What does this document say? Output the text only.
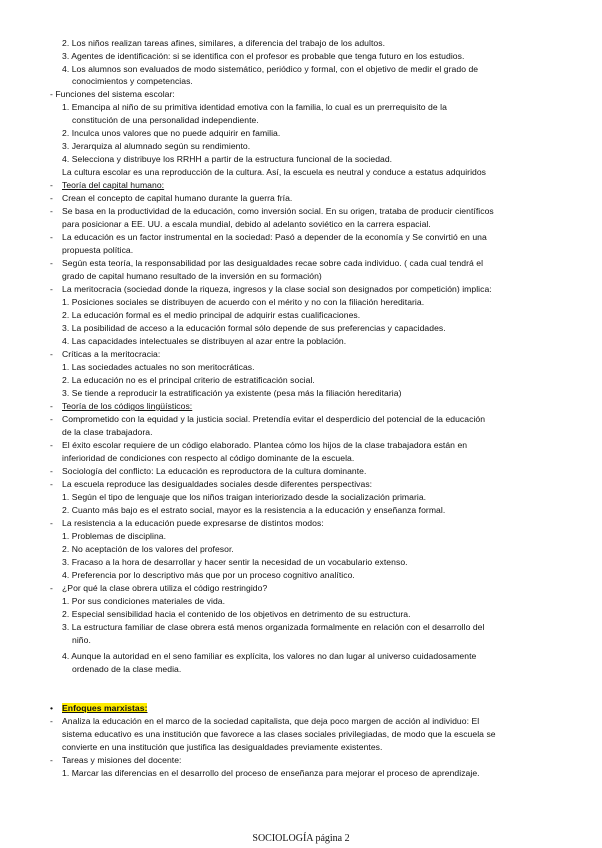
2. Los niños realizan tareas afines, similares, a diferencia del trabajo de los adultos.
3. Agentes de identificación: si se identifica con el profesor es probable que tenga futuro en los estudios.
4. Los alumnos son evaluados de modo sistemático, periódico y formal, con el objetivo de medir el grado de
conocimientos y competencias.
- Funciones del sistema escolar:
1. Emancipa al niño de su primitiva identidad emotiva con la familia, lo cual es un prerrequisito de la
constitución de una personalidad independiente.
2. Inculca unos valores que no puede adquirir en familia.
3. Jerarquiza al alumnado según su rendimiento.
4. Selecciona y distribuye los RRHH a partir de la estructura funcional de la sociedad.
La cultura escolar es una reproducción de la cultura. Así, la escuela es neutral y conduce a estatus adquiridos
- Teoría del capital humano:
- Crean el concepto de capital humano durante la guerra fría.
- Se basa en la productividad de la educación, como inversión social. En su origen, trataba de producir científicos
para posicionar a EE. UU. a escala mundial, debido al adelanto soviético en la carrera espacial.
- La educación es un factor instrumental en la sociedad: Pasó a depender de la economía y Se convirtió en una
propuesta política.
- Según esta teoría, la responsabilidad por las desigualdades recae sobre cada individuo. ( cada cual tendrá el
grado de capital humano resultado de la inversión en su formación)
- La meritocracia (sociedad donde la riqueza, ingresos y la clase social son designados por competición) implica:
1. Posiciones sociales se distribuyen de acuerdo con el mérito y no con la filiación hereditaria.
2. La educación formal es el medio principal de adquirir estas cualificaciones.
3. La posibilidad de acceso a la educación formal sólo depende de sus preferencias y capacidades.
4. Las capacidades intelectuales se distribuyen al azar entre la población.
- Críticas a la meritocracia:
1. Las sociedades actuales no son meritocráticas.
2. La educación no es el principal criterio de estratificación social.
3. Se tiende a reproducir la estratificación ya existente (pesa más la filiación hereditaria)
- Teoría de los códigos lingüísticos:
- Comprometido con la equidad y la justicia social. Pretendía evitar el desperdicio del potencial de la educación
de la clase trabajadora.
- El éxito escolar requiere de un código elaborado. Plantea cómo los hijos de la clase trabajadora están en
inferioridad de condiciones con respecto al código dominante de la escuela.
- Sociología del conflicto: La educación es reproductora de la cultura dominante.
- La escuela reproduce las desigualdades sociales desde diferentes perspectivas:
1. Según el tipo de lenguaje que los niños traigan interiorizado desde la socialización primaria.
2. Cuanto más bajo es el estrato social, mayor es la resistencia a la educación y enseñanza formal.
- La resistencia a la educación puede expresarse de distintos modos:
1. Problemas de disciplina.
2. No aceptación de los valores del profesor.
3. Fracaso a la hora de desarrollar y hacer sentir la necesidad de un vocabulario extenso.
4. Preferencia por lo descriptivo más que por un proceso cognitivo analítico.
- ¿Por qué la clase obrera utiliza el código restringido?
1. Por sus condiciones materiales de vida.
2. Especial sensibilidad hacia el contenido de los objetivos en detrimento de su estructura.
3. La estructura familiar de clase obrera está menos organizada formalmente en relación con el desarrollo del
niño.
4. Aunque la autoridad en el seno familiar es explícita, los valores no dan lugar al universo cuidadosamente
ordenado de la clase media.
• Enfoques marxistas:
- Analiza la educación en el marco de la sociedad capitalista, que deja poco margen de acción al individuo: El
sistema educativo es una institución que favorece a las clases sociales privilegiadas, de modo que la escuela se
convierte en una institución que justifica las desigualdades previamente existentes.
- Tareas y misiones del docente:
1. Marcar las diferencias en el desarrollo del proceso de enseñanza para mejorar el proceso de aprendizaje.
SOCIOLOGÍA página 2
